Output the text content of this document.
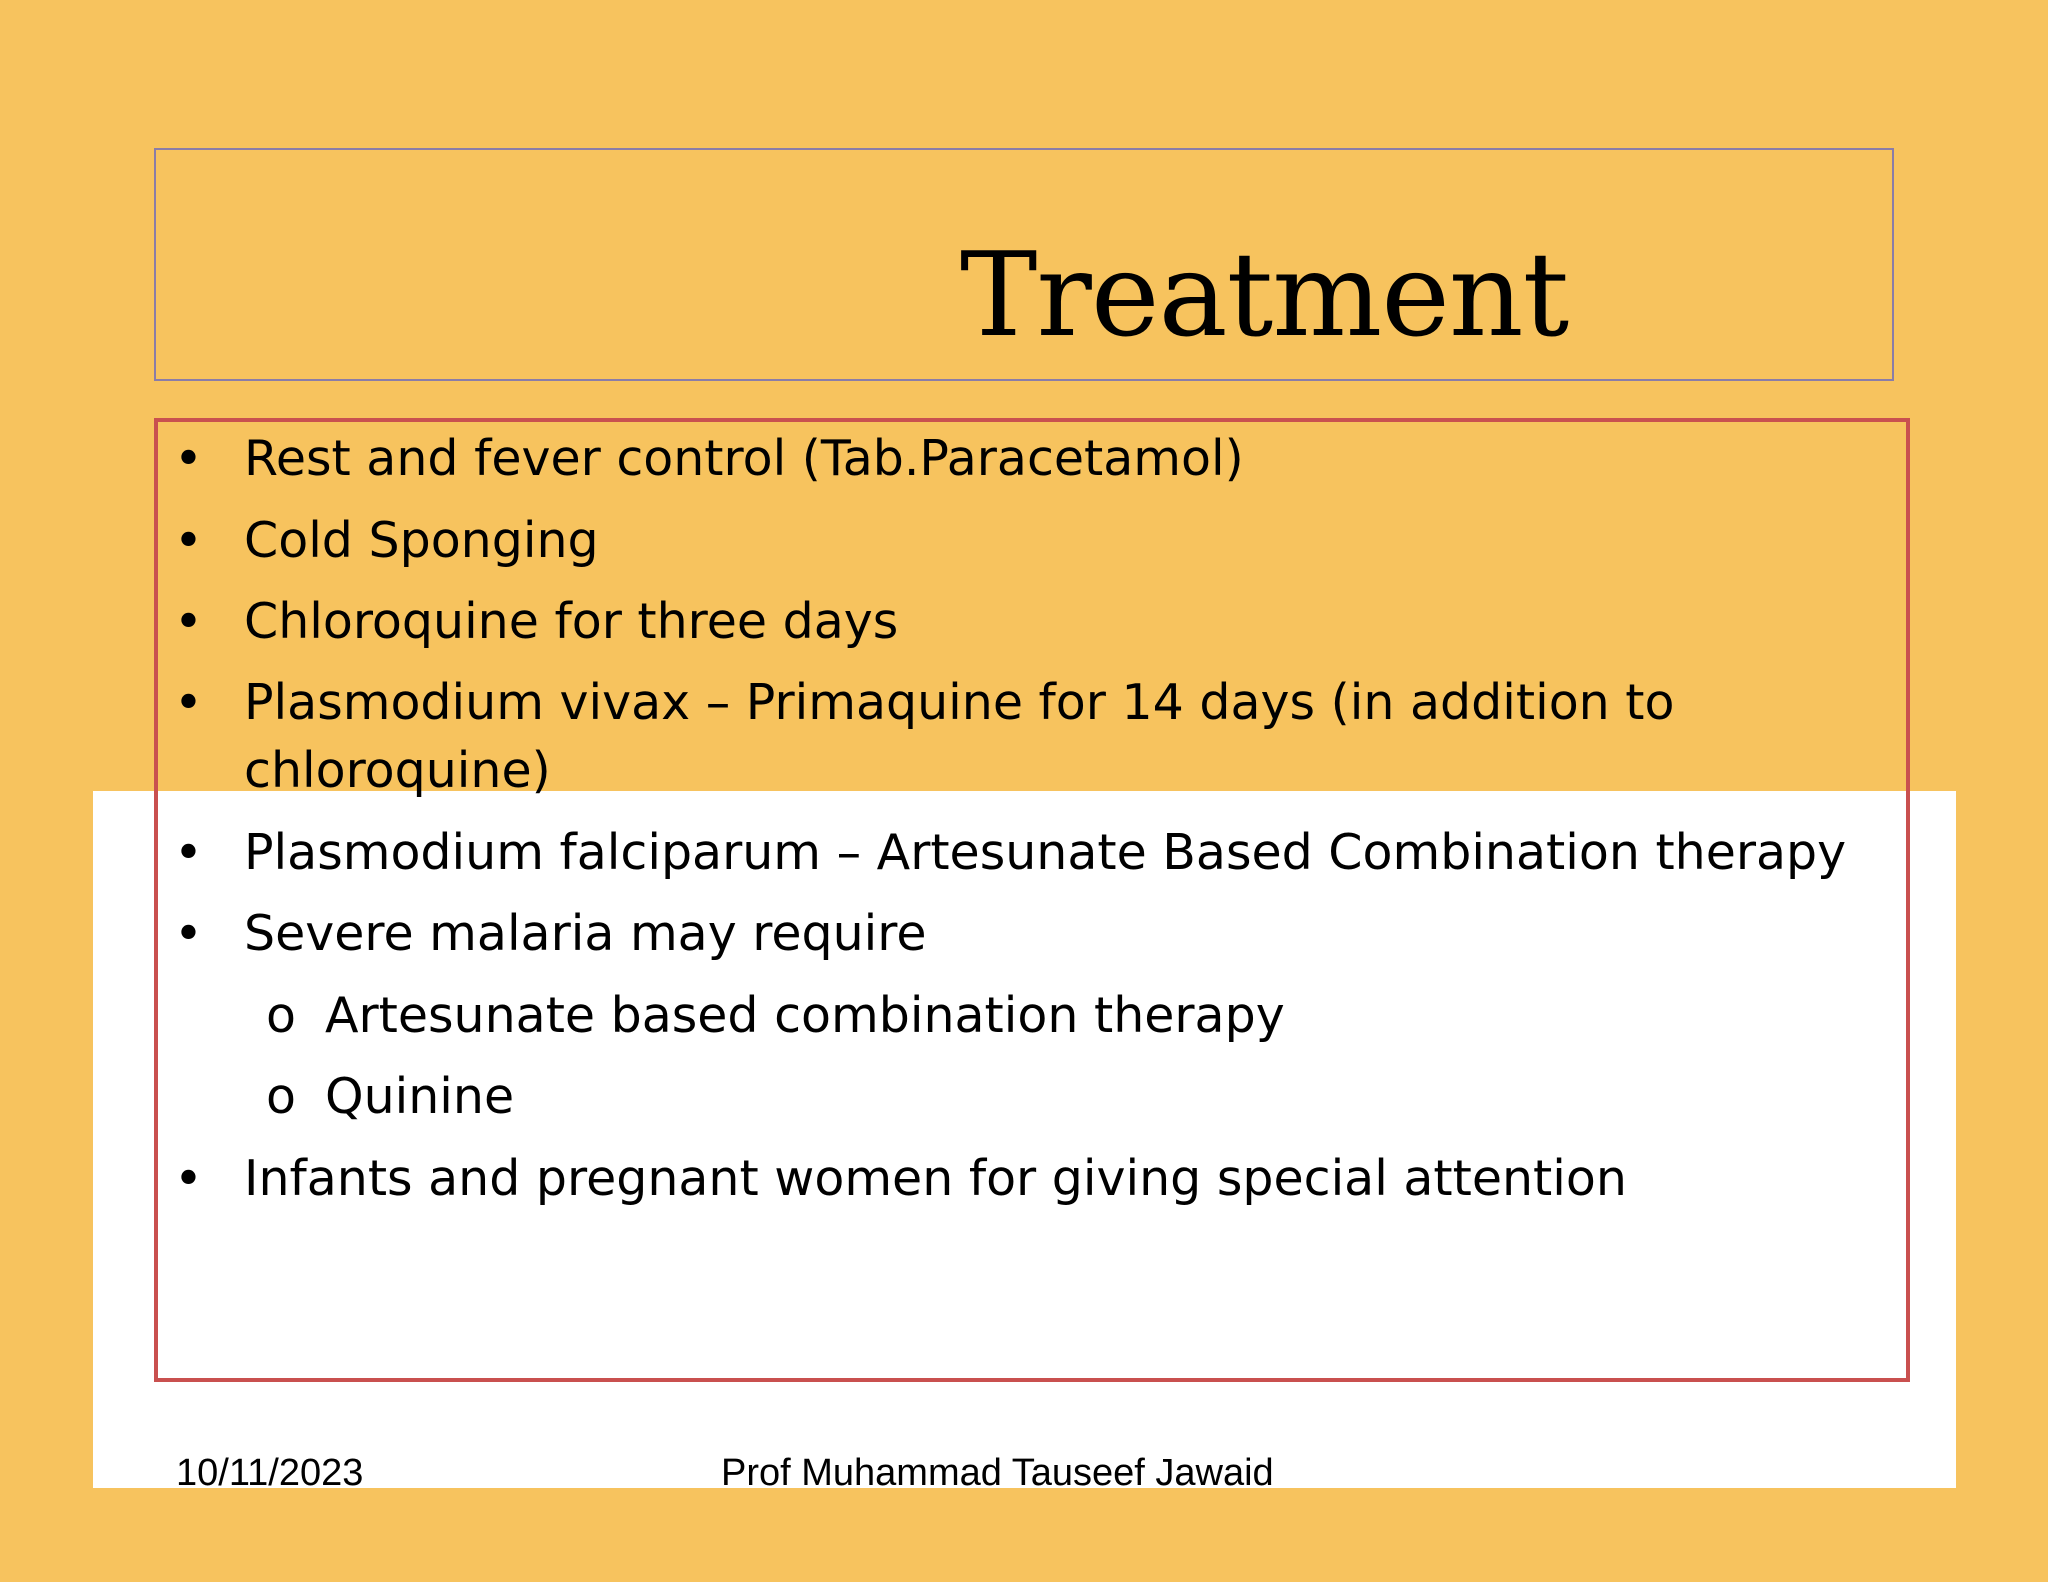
Treatment
• Rest and fever control (Tab.Paracetamol)
• Cold Sponging
• Chloroquine for three days
• Plasmodium vivax – Primaquine for 14 days (in addition to
chloroquine)
• Plasmodium falciparum – Artesunate Based Combination therapy
• Severe malaria may require
o Artesunate based combination therapy
o Quinine
• Infants and pregnant women for giving special attention
10/11/2023	Prof Muhammad Tauseef Jawaid
